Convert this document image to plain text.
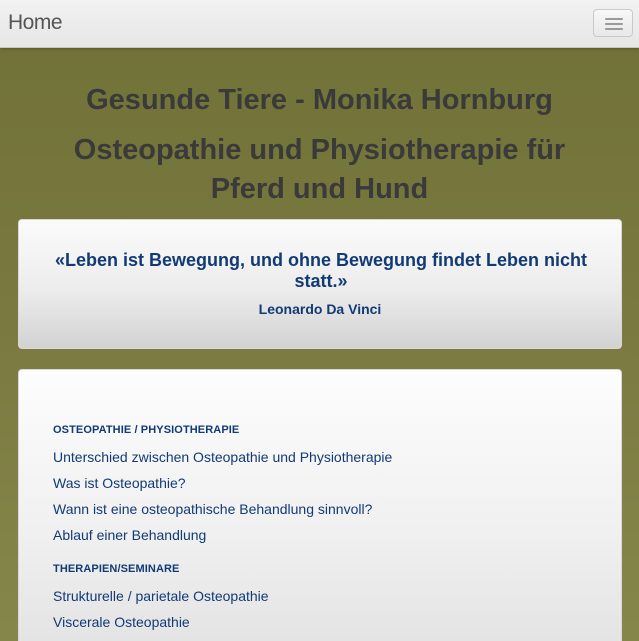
Home
Gesunde Tiere - Monika Hornburg
Osteopathie und Physiotherapie für Pferd und Hund
«Leben ist Bewegung, und ohne Bewegung findet Leben nicht statt.»
Leonardo Da Vinci
OSTEOPATHIE / PHYSIOTHERAPIE
Unterschied zwischen Osteopathie und Physiotherapie
Was ist Osteopathie?
Wann ist eine osteopathische Behandlung sinnvoll?
Ablauf einer Behandlung
THERAPIEN/SEMINARE
Strukturelle / parietale Osteopathie
Viscerale Osteopathie
